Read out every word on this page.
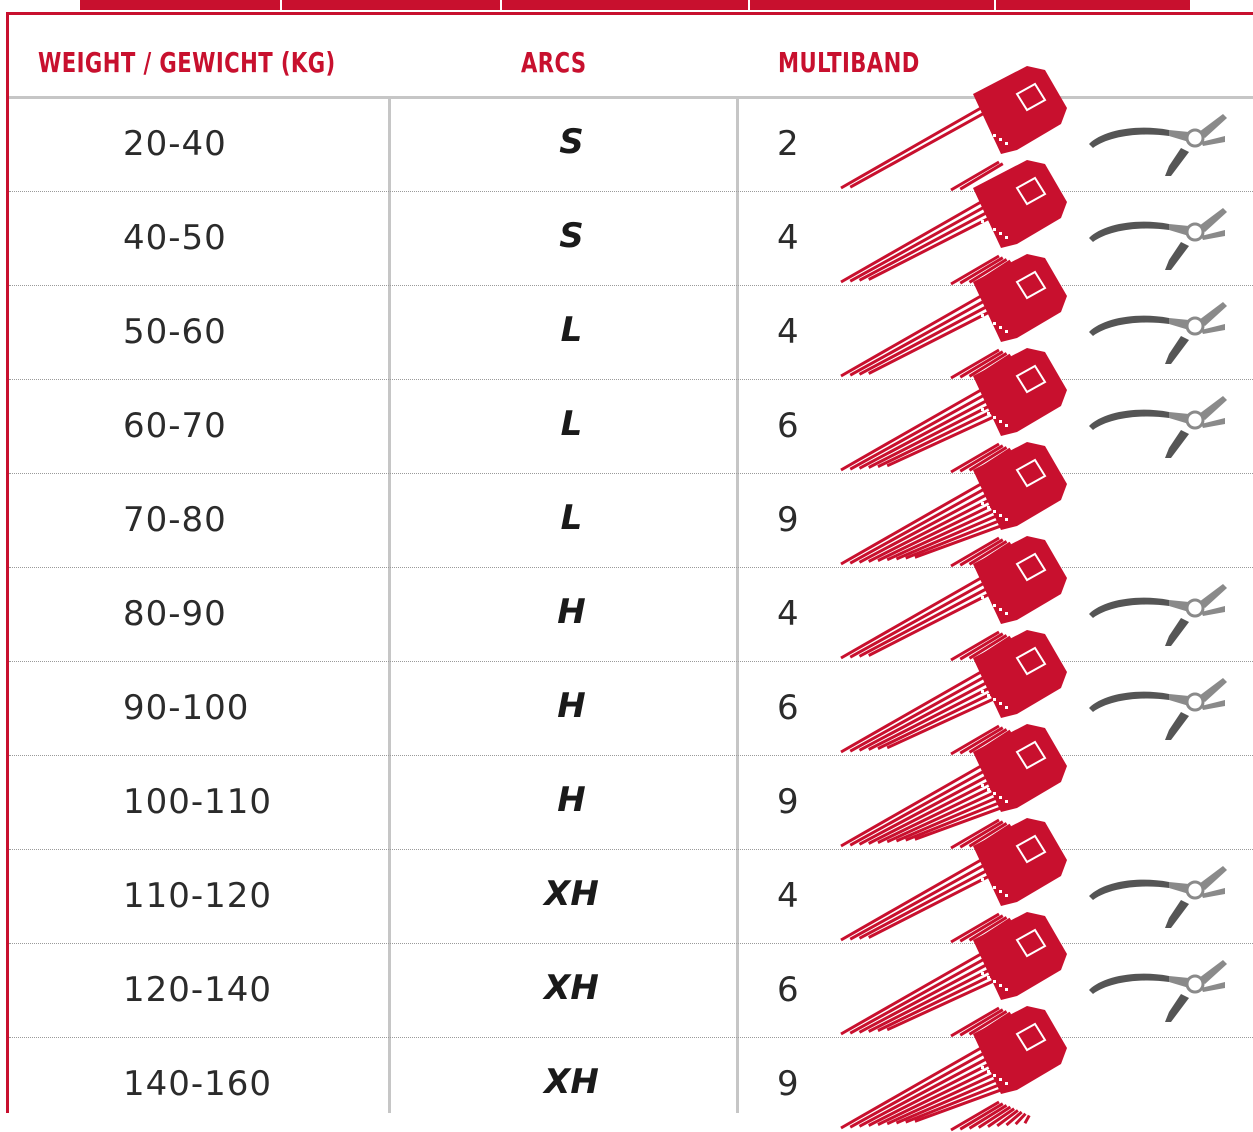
WEIGHT / GEWICHT (KG)	ARCS	MULTIBAND
20-40	S	2
40-50	S	4
50-60	L	4
60-70	L	6
70-80	L	9
80-90	H	4
90-100	H	6
100-110	H	9
110-120	XH	4
120-140	XH	6
140-160	XH	9
